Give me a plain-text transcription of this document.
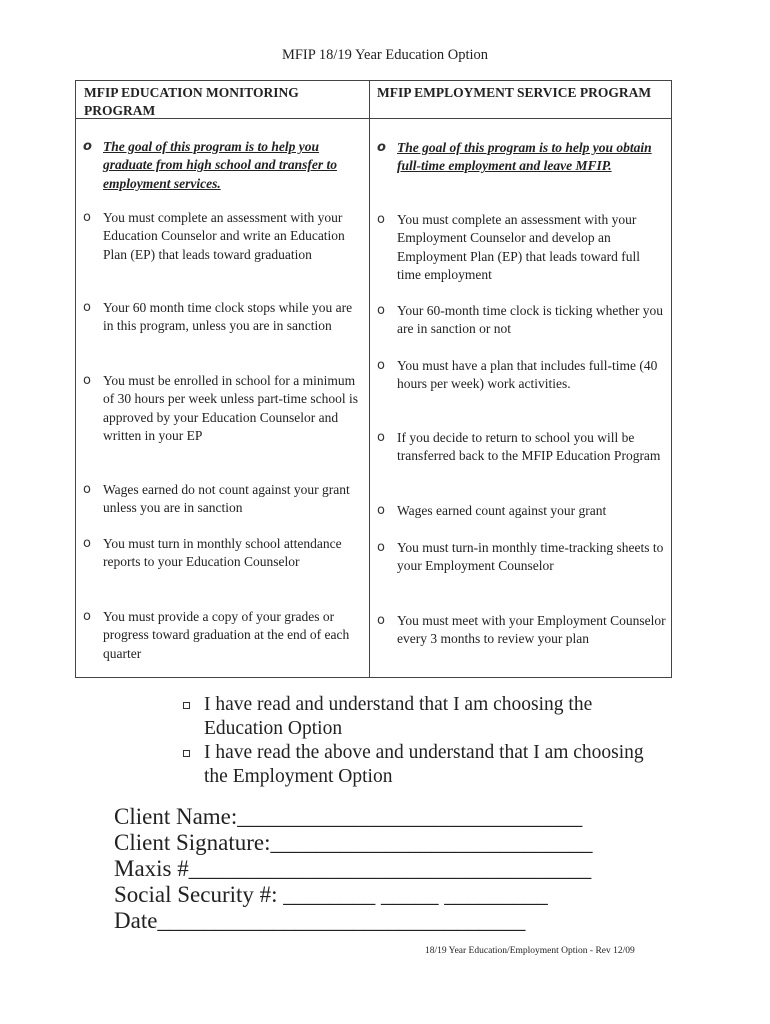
MFIP 18/19 Year Education Option
MFIP EDUCATION MONITORING PROGRAM
o The goal of this program is to help you graduate from high school and transfer to employment services.
o You must complete an assessment with your Education Counselor and write an Education Plan (EP) that leads toward graduation
o Your 60 month time clock stops while you are in this program, unless you are in sanction
o You must be enrolled in school for a minimum of 30 hours per week unless part-time school is approved by your Education Counselor and written in your EP
o Wages earned do not count against your grant unless you are in sanction
o You must turn in monthly school attendance reports to your Education Counselor
o You must provide a copy of your grades or progress toward graduation at the end of each quarter
MFIP EMPLOYMENT SERVICE PROGRAM
o The goal of this program is to help you obtain full-time employment and leave MFIP.
o You must complete an assessment with your Employment Counselor and develop an Employment Plan (EP) that leads toward full time employment
o Your 60-month time clock is ticking whether you are in sanction or not
o You must have a plan that includes full-time (40 hours per week) work activities.
o If you decide to return to school you will be transferred back to the MFIP Education Program
o Wages earned count against your grant
o You must turn-in monthly time-tracking sheets to your Employment Counselor
o You must meet with your Employment Counselor every 3 months to review your plan
I have read and understand that I am choosing the Education Option
I have read the above and understand that I am choosing the Employment Option
Client Name:______________________________
Client Signature:____________________________
Maxis #___________________________________
Social Security #: ________ _____ _________
Date________________________________
18/19 Year Education/Employment Option - Rev 12/09
